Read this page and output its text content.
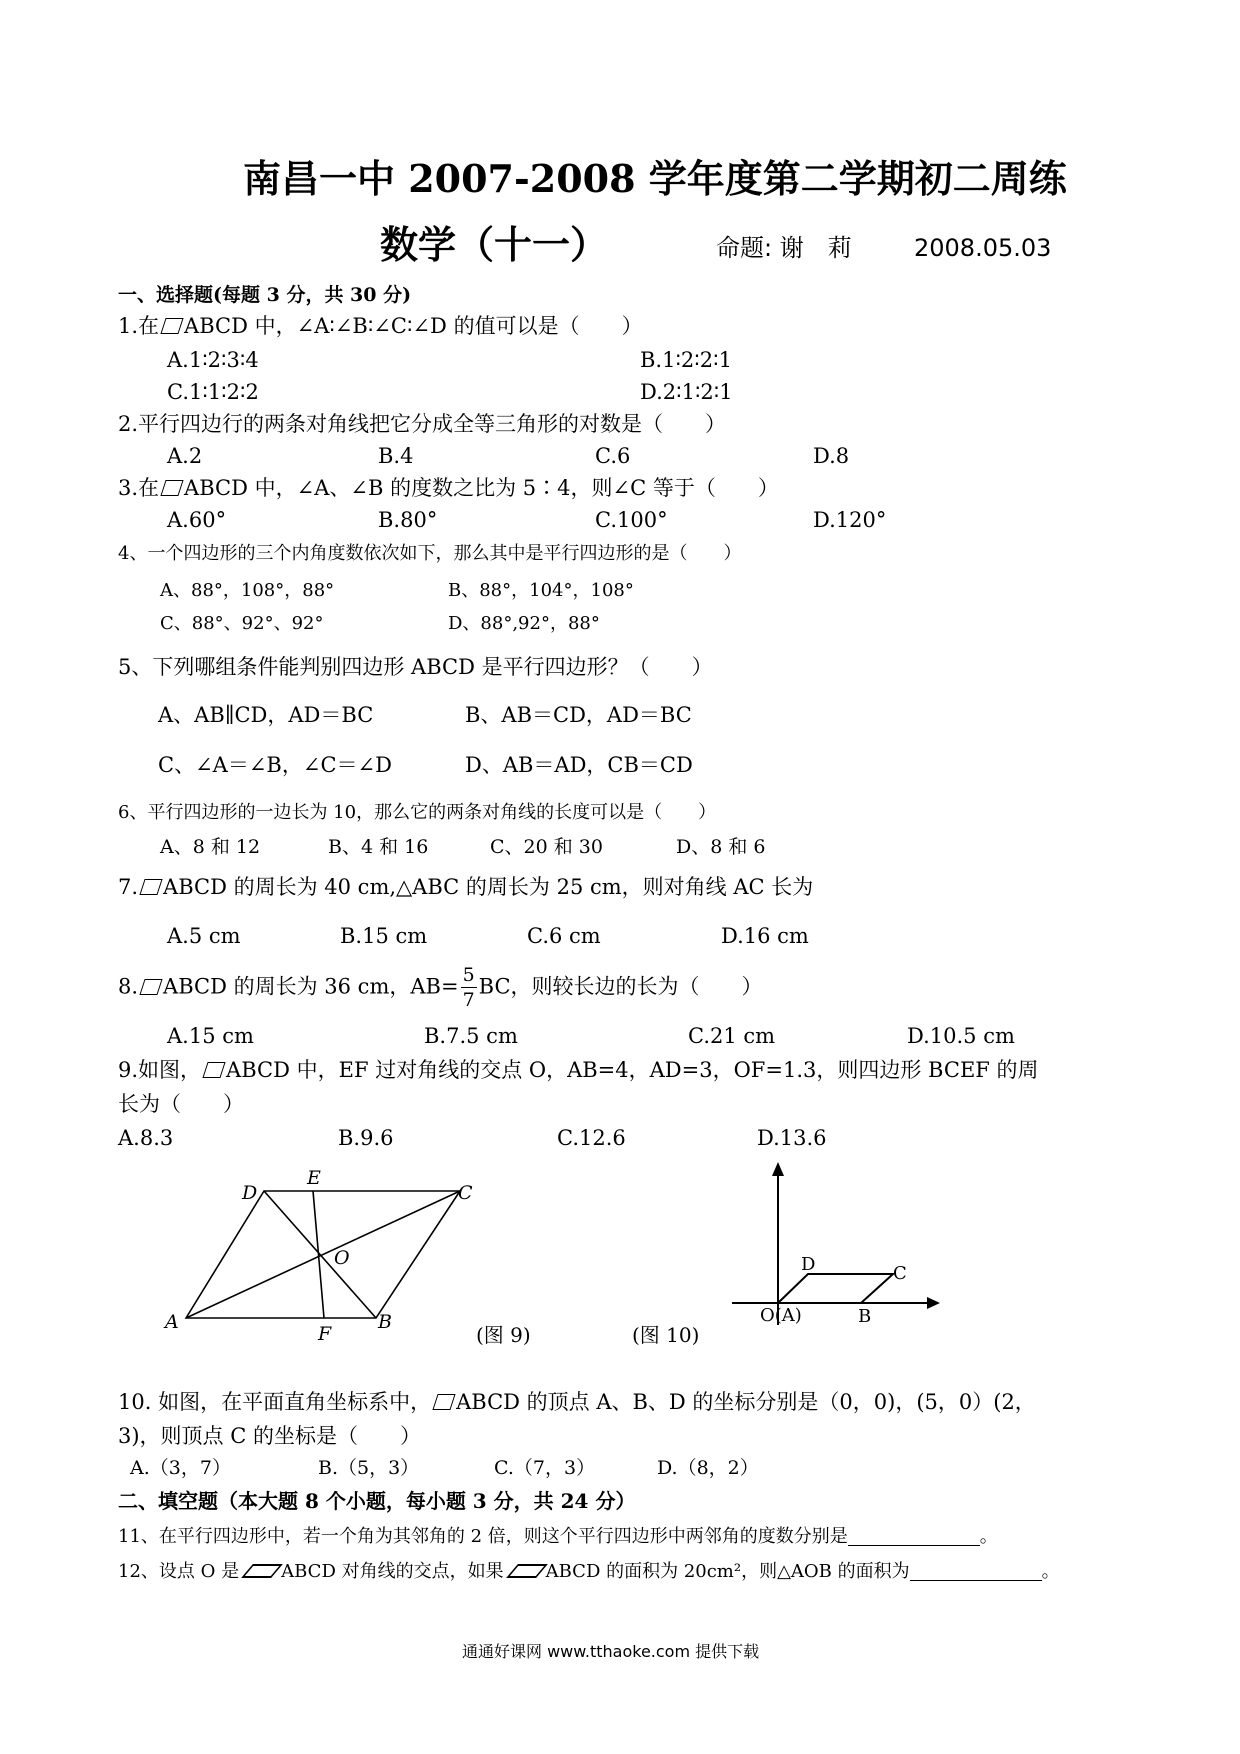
南昌一中 2007-2008 学年度第二学期初二周练
数学（十一）	命题: 谢　莉	2008.05.03
一、选择题(每题 3 分，共 30 分)
1.在 ABCD 中，∠A∶∠B∶∠C∶∠D 的值可以是（　　）
A.1∶2∶3∶4	B.1∶2∶2∶1
C.1∶1∶2∶2	D.2∶1∶2∶1
2.平行四边行的两条对角线把它分成全等三角形的对数是（　　）
A.2	B.4	C.6	D.8
3.在 ABCD 中，∠A、∠B 的度数之比为 5∶4，则∠C 等于（　　）
A.60°	B.80°	C.100°	D.120°
4、一个四边形的三个内角度数依次如下，那么其中是平行四边形的是（　　）
A、88°，108°，88°	B、88°，104°，108°
C、88°、92°、92°	D、88°,92°，88°
5、下列哪组条件能判别四边形 ABCD 是平行四边形？（　　）
A、AB∥CD，AD＝BC	B、AB＝CD，AD＝BC
C、∠A＝∠B，∠C＝∠D	D、AB＝AD，CB＝CD
6、平行四边形的一边长为 10，那么它的两条对角线的长度可以是（　　）
A、8 和 12	B、4 和 16	C、20 和 30	D、8 和 6
7. ABCD 的周长为 40 cm,△ABC 的周长为 25 cm，则对角线 AC 长为
A.5 cm	B.15 cm	C.6 cm	D.16 cm
8. ABCD 的周长为 36 cm，$AB= \frac{5}{7}$ BC，则较长边的长为（　　）
A.15 cm	B.7.5 cm	C.21 cm	D.10.5 cm
9.如图， ABCD 中，EF 过对角线的交点 O，AB=4，AD=3，OF=1.3，则四边形 BCEF 的周
长为（　　）
A.8.3	B.9.6	C.12.6	D.13.6
D
E
C
O
A
F
B
(图 9)
D	C
O(A)	B
(图 10)
10. 如图，在平面直角坐标系中， ABCD 的顶点 A、B、D 的坐标分别是（0，0)，(5，0）(2，
3)，则顶点 C 的坐标是（　　）
A.（3，7）	B.（5，3）	C.（7，3）	D.（8，2）
二、填空题（本大题 8 个小题，每小题 3 分，共 24 分）
11、在平行四边形中，若一个角为其邻角的 2 倍，则这个平行四边形中两邻角的度数分别是	。
12、设点 O 是 ABCD 对角线的交点，如果 ABCD 的面积为 20cm²，则△AOB 的面积为	。
通通好课网 www.tthaoke.com 提供下载
